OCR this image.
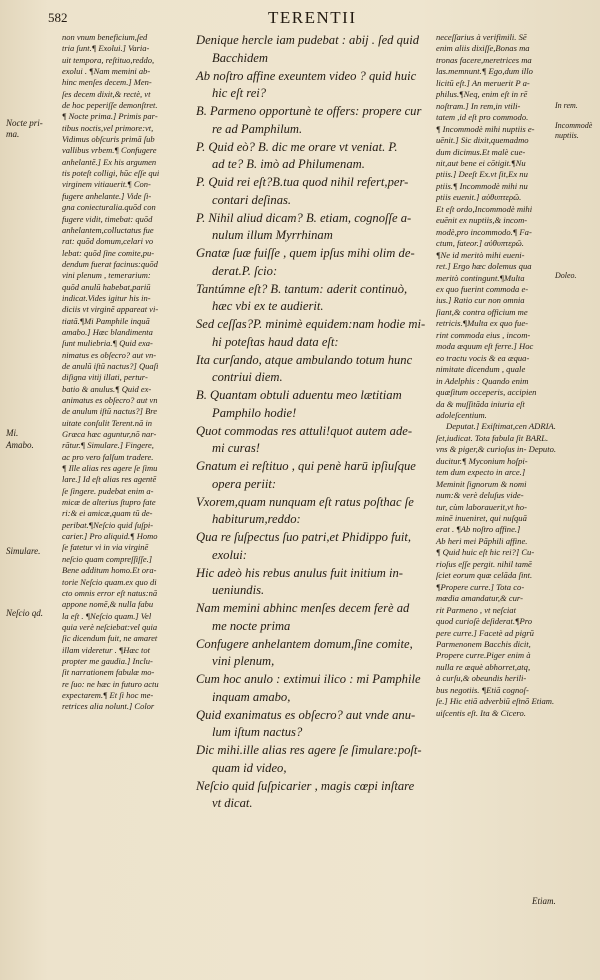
582	TERENTII
Nocte pri-
ma.
Mi.
Amabo.
Simulare.
Neſcio qd.
non vnum beneficium,ſed
tria ſunt.¶ Exolui.] Varia-
uit tempora, reſtituo,reddo,
exolui . ¶Nam memini ab-
hinc menſes decem.] Men-
ſes decem dixit,& rectè, vt
de hoc peperiſſe demonſtret.
¶ Nocte prima.] Primis par-
tibus noctis,vel primore:vt,
Vidimus obſcuris primā ſub
vallibus vrbem.¶ Confugere
anhelantē.] Ex his argumen
tis poteſt colligi, hūc eſſe qui
virginem vitiauerit.¶ Con-
fugere anhelante.] Vide ſi-
gna coniecturalia.quōd con
fugere vidit, timebat: quōd
anhelantem,colluctatus fue
rat: quōd domum,celari vo
lebat: quōd ſine comite,pu-
dendum fuerat facinus:quōd
vini plenum , temerarium:
quōd anulū habebat,pariū
indicat.Vides igitur his in-
diciis vt virginē appareat vi-
tiatā.¶Mi Pamphile inquā
amabo.] Hæc blandimenta
ſunt muliebria.¶ Quid exa-
nimatus es obſecro? aut vn-
de anulū iſtū nactus?] Quaſi
diſigna vitij illati, pertur-
batio & anulus.¶ Quid ex-
animatus es obſecro? aut vn
de anulum iſtū nactus?] Bre
uitate conſulit Terent.nā in
Græca hæc aguntur,nō nar-
rātur.¶ Simulare.] Fingere,
ac pro vero falſum tradere.
¶ Ille alias res agere ſe ſimu
lare.] Id eſt alias res agentē
ſe ſingere. pudebat enim a-
micæ de alterius ſtupro fate
ri:& ei amicæ,quam tū de-
peribat.¶Neſcio quid ſuſpi-
carier.] Pro aliquid.¶ Homo
ſe fatetur vi in via virginē
neſcio quam compreſſiſſe.]
Bene additum homo.Et ora-
torie Neſcio quam.ex quo di
cto omnis error eſt natus:nā
appone nomē,& nulla fabu
la eſt . ¶Neſcio quam.] Vel
quia verè neſciebat:vel quia
ſic dicendum fuit, ne amaret
illam videretur . ¶Hæc tot
propter me gaudia.] Inclu-
ſit narrationem fabulæ mo-
re ſuo: ne hæc in futuro actu
expectarem.¶ Et ſi hoc me-
retrices alia nolunt.] Color
Denique hercle iam pudebat : abij . ſed quid
Bacchidem
Ab noſtro affine exeuntem video ? quid huic
hic eſt rei?
B. Parmeno opportunè te offers: propere cur
re ad Pamphilum.
P. Quid eò? B. dic me orare vt veniat. P.
ad te? B. imò ad Philumenam.
P. Quid rei eſt?B.tua quod nihil refert,per-
contari deſinas.
P. Nihil aliud dicam? B. etiam, cognoſſe a-
nulum illum Myrrhinam
Gnatæ ſuæ fuiſſe , quem ipſus mihi olim de-
derat.P. ſcio:
Tantúmne eſt? B. tantum: aderit continuò,
hæc vbi ex te audierit.
Sed ceſſas?P. minimè equidem:nam hodie mi-
hi poteſtas haud data eſt:
Ita curſando, atque ambulando totum hunc
contriui diem.
B. Quantam obtuli aduentu meo lætitiam
Pamphilo hodie!
Quot commodas res attuli!quot autem ade-
mi curas!
Gnatum ei reſtituo , qui penè harū ipſiuſque
opera periit:
Vxorem,quam nunquam eſt ratus poſthac ſe
habiturum,reddo:
Qua re ſuſpectus ſuo patri,et Phidippo fuit,
exolui:
Hic adeò his rebus anulus fuit initium in-
ueniundis.
Nam memini abhinc menſes decem ferè ad
me nocte prima
Confugere anhelantem domum,ſine comite,
vini plenum,
Cum hoc anulo : extimui ilico : mi Pamphile
inquam amabo,
Quid exanimatus es obſecro? aut vnde anu-
lum iſtum nactus?
Dic mihi.ille alias res agere ſe ſimulare:poſt-
quam id video,
Neſcio quid ſuſpicarier , magis cœpi inſtare
vt dicat.
neceſſarius à verifimili. Sē
enim aliis dixiſſe,Bonas ma
tronas facere,meretrices ma
las.memnunt.¶ Ego,dum illo
licitū eſt.] An meruerit P a-
philus.¶Neq, enim eſt in rē
noſtram.] In rem,in vtili-
tatem ,id eſt pro commodo.
¶ Incommodè mihi nuptiis e-
uēnit.] Sic dixit,quemadmo
dum dicimus.Et malè cue-
nit,aut bene ei cōtigit.¶Nu
ptiis.] Deeſt Ex.vt ſit,Ex nu
ptiis.¶ Incommodè mihi nu
ptiis euenit.] αὐθυπτερῶ.
Et eſt ordo,Incommodè mihi
euēnit ex nuptiis,& incom-
modè,pro incommodo.¶ Fa-
ctum, fateor.] αὐθυπτερῶ.
¶Ne id meritò mihi eueni-
ret.] Ergo hæc dolemus qua
meritò contingunt.¶Multa
ex quo fuerint commoda e-
ius.] Ratio cur non omnia
ſiant,& contra officium me
retricis.¶Multa ex quo fue-
rint commoda eius , incom-
moda æquum eſt ferre.] Hoc
eo tractu vocis & ea æqua-
nimitate dicendum , quale
in Adelphis : Quando enim
quæſitum occeperis, accipien
da & muſſitāda iniuria eſt
adoleſcentium.
Deputat.] Exiſtimat,cen ADRIA.
ſet,iudicat. Tota fabula ſit BARL.
vns & piger,& curioſus in- Deputo.
ducitur.¶ Myconium hoſpi-
tem dum expecto in arce.]
Meminit ſignorum & nomi
num:& verè deluſus vide-
tur, cùm laborauerit,vt ho-
minē inueniret, qui nuſquā
erat . ¶Ab noſtro affine.]
Ab heri mei Pāphili affine.
¶ Quid huic eſt hic rei?] Cu-
rioſus eſſe pergit. nihil tamē
ſciet eorum quæ celāda ſint.
¶Propere curre.] Tota co-
mœdia amandatur,& cur-
rit Parmeno , vt neſciat
quod curioſè deſiderat.¶Pro
pere curre.] Facetè ad pigrū
Parmenonem Bacchis dicit,
Propere curre.Piger enim à
nulla re æquè abhorret,atq,
à curſu,& obeundis herili-
bus negotiis. ¶Etiā cognoſ-
ſe.] Hic etiā adverbiū eſtnō Etiam.
uiſcentis eſt. Ita & Cicero.
In rem.
Incommodè
nuptiis.
Doleo.
Etiam.
